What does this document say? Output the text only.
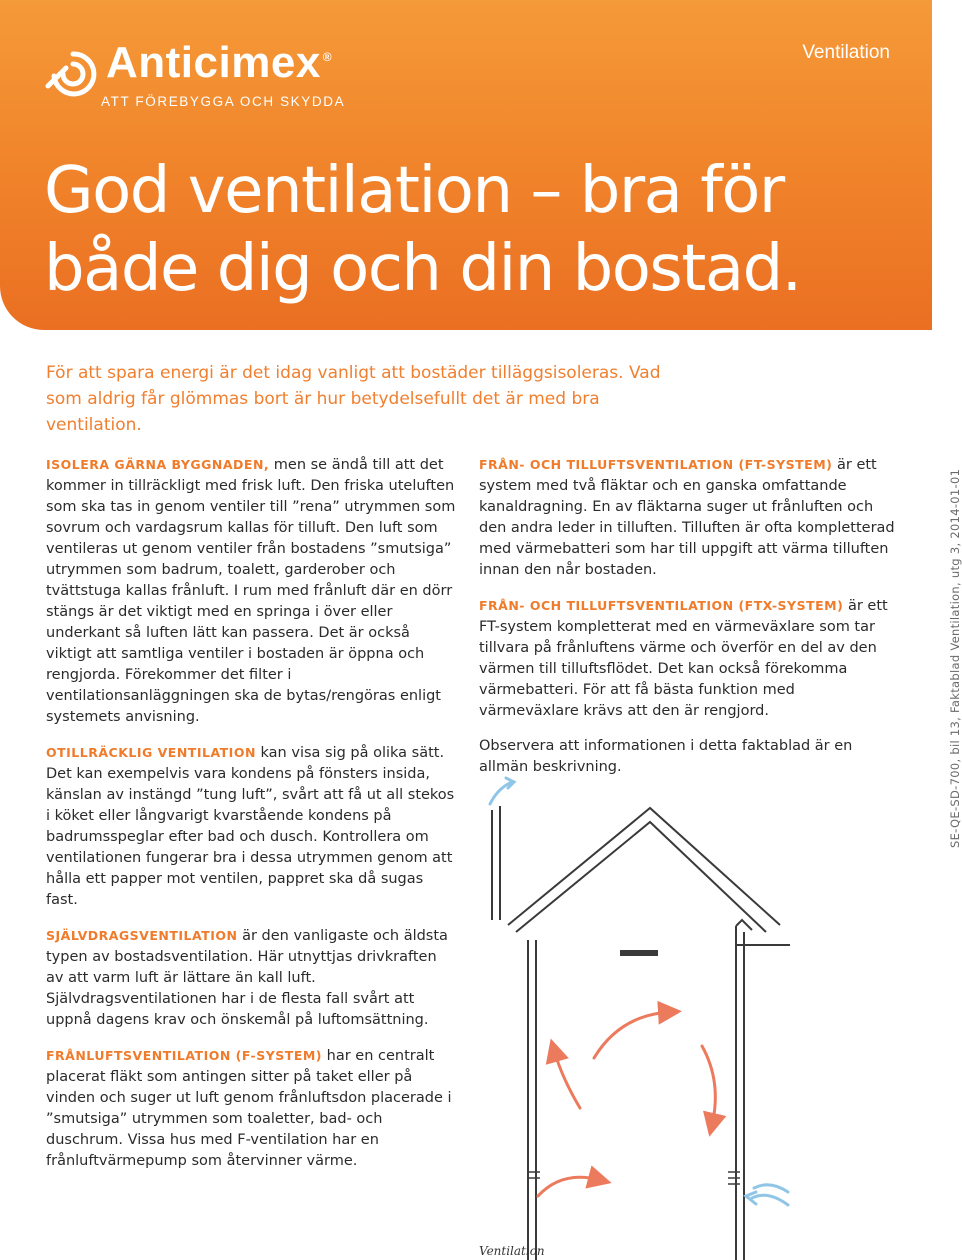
Anticimex ®
ATT FÖREBYGGA OCH SKYDDA
Ventilation
God ventilation – bra för
både dig och din bostad.

För att spara energi är det idag vanligt att bostäder tilläggsisoleras. Vad som aldrig får glömmas bort är hur betydelsefullt det är med bra ventilation.

ISOLERA GÄRNA BYGGNADEN, men se ändå till att det kommer in tillräckligt med frisk luft. Den friska uteluften som ska tas in genom ventiler till ”rena” utrymmen som sovrum och vardagsrum kallas för tilluft. Den luft som ventileras ut genom ventiler från bostadens ”smutsiga” utrymmen som badrum, toalett, garderober och tvättstuga kallas frånluft. I rum med frånluft där en dörr stängs är det viktigt med en springa i över eller underkant så luften lätt kan passera. Det är också viktigt att samtliga ventiler i bostaden är öppna och rengjorda. Förekommer det filter i ventilationsanläggningen ska de bytas/rengöras enligt systemets anvisning.

OTILLRÄCKLIG VENTILATION kan visa sig på olika sätt. Det kan exempelvis vara kondens på fönsters insida, känslan av instängd ”tung luft”, svårt att få ut all stekos i köket eller långvarigt kvarstående kondens på badrumsspeglar efter bad och dusch. Kontrollera om ventilationen fungerar bra i dessa utrymmen genom att hålla ett papper mot ventilen, pappret ska då sugas fast.

SJÄLVDRAGSVENTILATION är den vanligaste och äldsta typen av bostadsventilation. Här utnyttjas drivkraften av att varm luft är lättare än kall luft. Självdragsventilationen har i de flesta fall svårt att uppnå dagens krav och önskemål på luftomsättning.

FRÅNLUFTSVENTILATION (F-SYSTEM) har en centralt placerat fläkt som antingen sitter på taket eller på vinden och suger ut luft genom frånluftsdon placerade i ”smutsiga” utrymmen som toaletter, bad- och duschrum. Vissa hus med F-ventilation har en frånluftvärmepump som återvinner värme.

FRÅN- OCH TILLUFTSVENTILATION (FT-SYSTEM) är ett system med två fläktar och en ganska omfattande kanaldragning. En av fläktarna suger ut frånluften och den andra leder in tilluften. Tilluften är ofta kompletterad med värmebatteri som har till uppgift att värma tilluften innan den når bostaden.

FRÅN- OCH TILLUFTSVENTILATION (FTX-SYSTEM) är ett FT-system kompletterat med en värmeväxlare som tar tillvara på frånluftens värme och överför en del av den värmen till tilluftsflödet. Det kan också förekomma värmebatteri. För att få bästa funktion med värmeväxlare krävs att den är rengjord.

Observera att informationen i detta faktablad är en allmän beskrivning.	SE-QE-SD-700, bil 13, Faktablad Ventilation, utg 3, 2014-01-01
Ventilation
